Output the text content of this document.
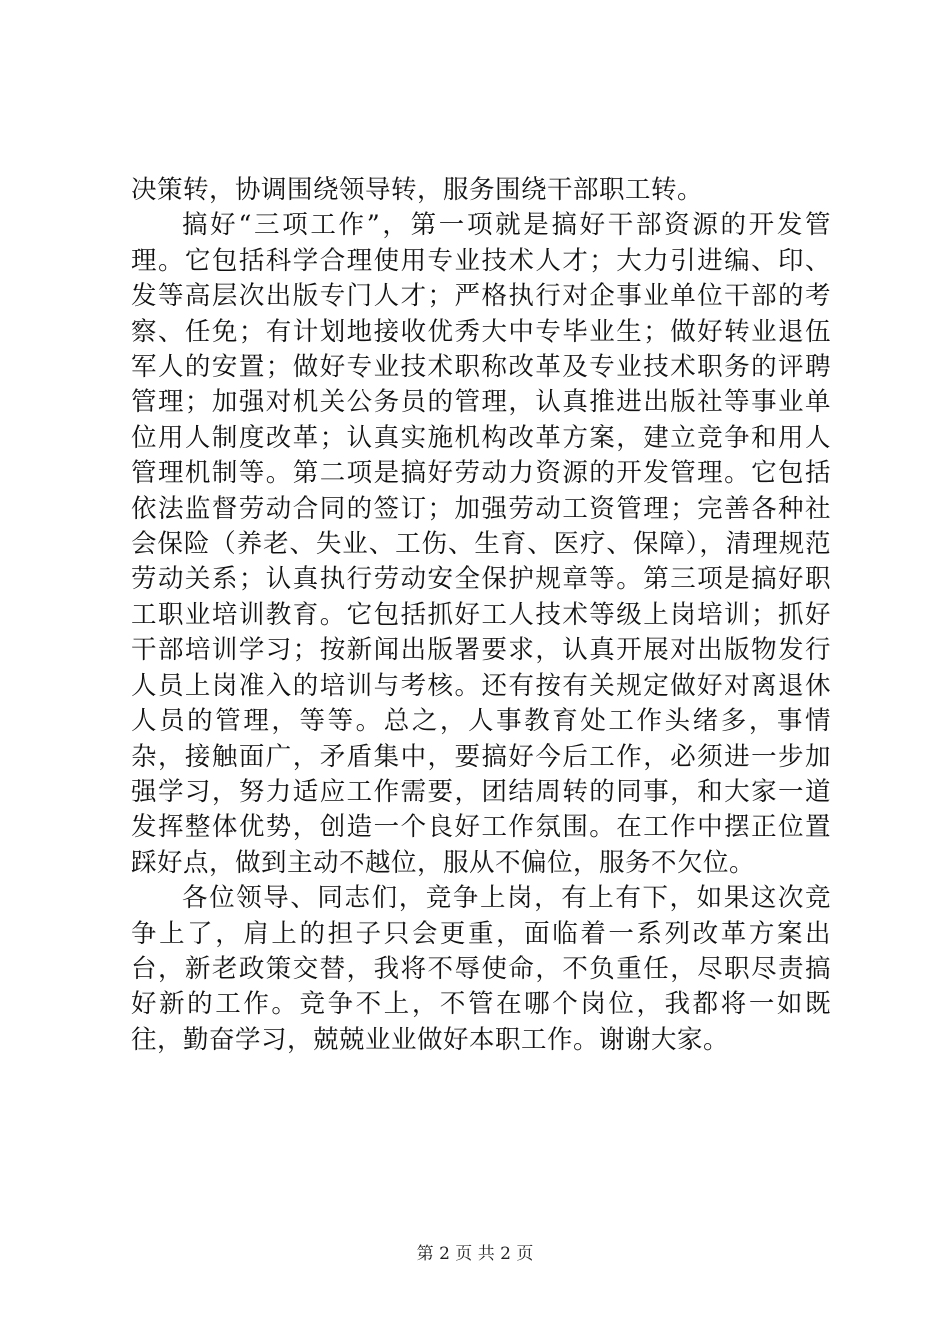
决策转，协调围绕领导转，服务围绕干部职工转。

搞好“三项工作”，第一项就是搞好干部资源的开发管理。它包括科学合理使用专业技术人才；大力引进编、印、发等高层次出版专门人才；严格执行对企事业单位干部的考察、任免；有计划地接收优秀大中专毕业生；做好转业退伍军人的安置；做好专业技术职称改革及专业技术职务的评聘管理；加强对机关公务员的管理，认真推进出版社等事业单位用人制度改革；认真实施机构改革方案，建立竞争和用人管理机制等。第二项是搞好劳动力资源的开发管理。它包括依法监督劳动合同的签订；加强劳动工资管理；完善各种社会保险（养老、失业、工伤、生育、医疗、保障），清理规范劳动关系；认真执行劳动安全保护规章等。第三项是搞好职工职业培训教育。它包括抓好工人技术等级上岗培训；抓好干部培训学习；按新闻出版署要求，认真开展对出版物发行人员上岗准入的培训与考核。还有按有关规定做好对离退休人员的管理，等等。总之，人事教育处工作头绪多，事情杂，接触面广，矛盾集中，要搞好今后工作，必须进一步加强学习，努力适应工作需要，团结周转的同事，和大家一道发挥整体优势，创造一个良好工作氛围。在工作中摆正位置踩好点，做到主动不越位，服从不偏位，服务不欠位。

各位领导、同志们，竞争上岗，有上有下，如果这次竞争上了，肩上的担子只会更重，面临着一系列改革方案出台，新老政策交替，我将不辱使命，不负重任，尽职尽责搞好新的工作。竞争不上，不管在哪个岗位，我都将一如既往，勤奋学习，兢兢业业做好本职工作。谢谢大家。

第 2 页 共 2 页
